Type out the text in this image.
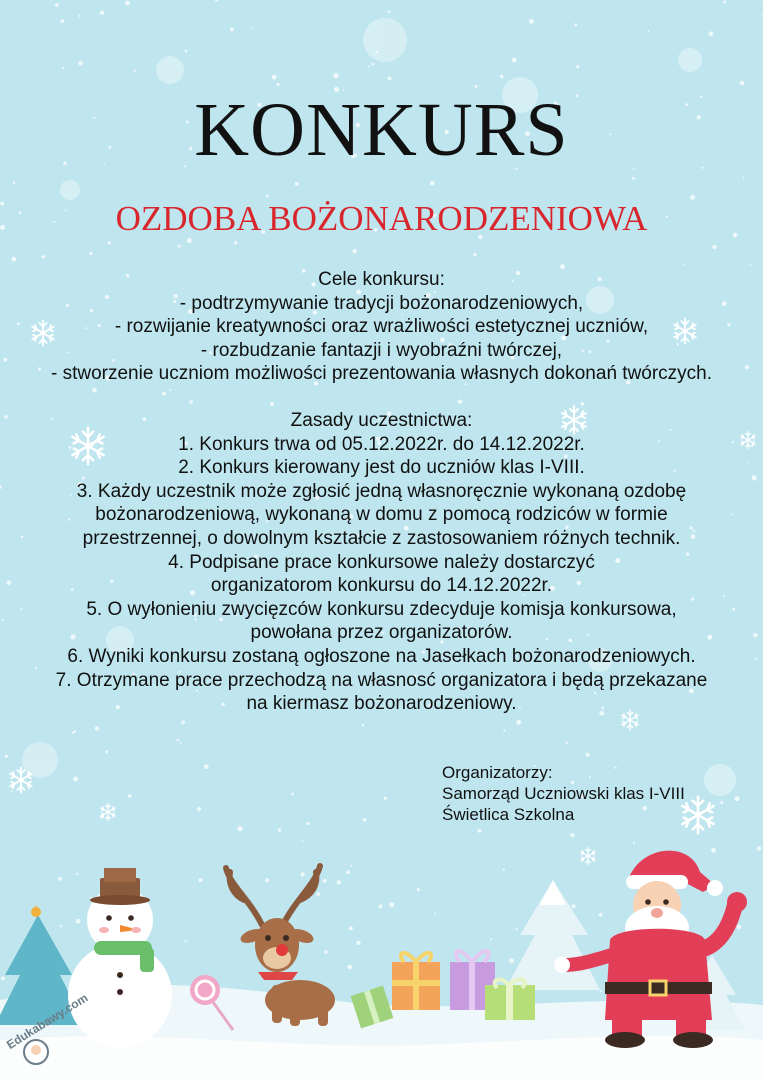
KONKURS
OZDOBA BOŻONARODZENIOWA
Cele konkursu:
- podtrzymywanie tradycji bożonarodzeniowych,
- rozwijanie kreatywności oraz wrażliwości estetycznej uczniów,
- rozbudzanie fantazji i wyobraźni twórczej,
- stworzenie uczniom możliwości prezentowania własnych dokonań twórczych.
Zasady uczestnictwa:
1. Konkurs trwa od 05.12.2022r. do 14.12.2022r.
2. Konkurs kierowany jest do uczniów klas I-VIII.
3. Każdy uczestnik może zgłosić jedną własnoręcznie wykonaną ozdobę
bożonarodzeniową, wykonaną w domu z pomocą rodziców w formie
przestrzennej, o dowolnym kształcie z zastosowaniem różnych technik.
4. Podpisane prace konkursowe należy dostarczyć
organizatorom konkursu do 14.12.2022r.
5. O wyłonieniu zwycięzców konkursu zdecyduje komisja konkursowa,
powołana przez organizatorów.
6. Wyniki konkursu zostaną ogłoszone na Jasełkach bożonarodzeniowych.
7. Otrzymane prace przechodzą na własnosć organizatora i będą przekazane
na kiermasz bożonarodzeniowy.
Organizatorzy:
Samorząd Uczniowski klas I-VIII
Świetlica Szkolna
Edukabawy.com
